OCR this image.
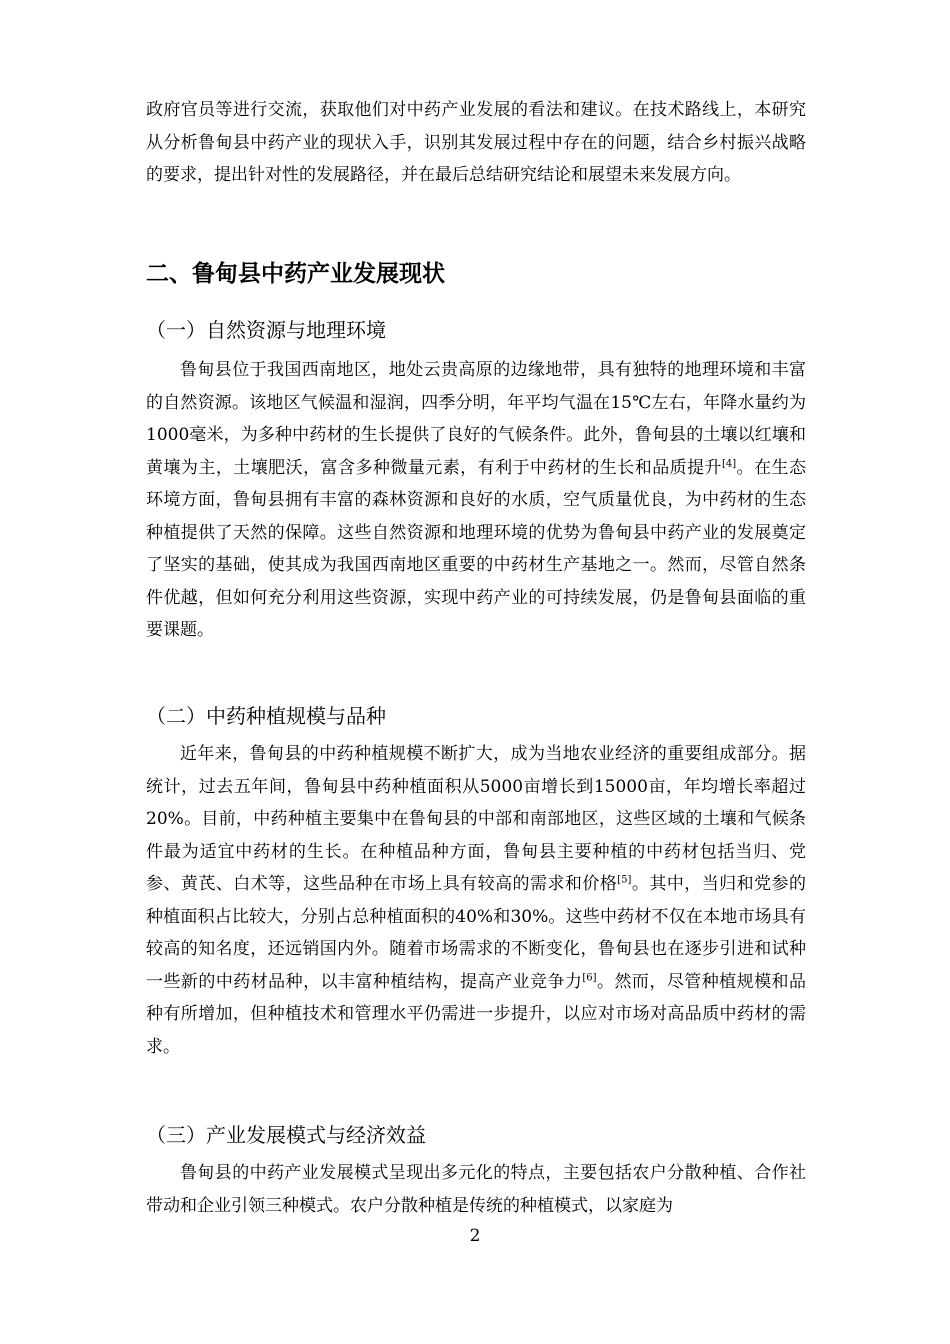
政府官员等进行交流，获取他们对中药产业发展的看法和建议。在技术路线上，本研究从分析鲁甸县中药产业的现状入手，识别其发展过程中存在的问题，结合乡村振兴战略的要求，提出针对性的发展路径，并在最后总结研究结论和展望未来发展方向。

二、鲁甸县中药产业发展现状
（一）自然资源与地理环境

鲁甸县位于我国西南地区，地处云贵高原的边缘地带，具有独特的地理环境和丰富的自然资源。该地区气候温和湿润，四季分明，年平均气温在15℃左右，年降水量约为1000毫米，为多种中药材的生长提供了良好的气候条件。此外，鲁甸县的土壤以红壤和黄壤为主，土壤肥沃，富含多种微量元素，有利于中药材的生长和品质提升[4]。在生态环境方面，鲁甸县拥有丰富的森林资源和良好的水质，空气质量优良，为中药材的生态种植提供了天然的保障。这些自然资源和地理环境的优势为鲁甸县中药产业的发展奠定了坚实的基础，使其成为我国西南地区重要的中药材生产基地之一。然而，尽管自然条件优越，但如何充分利用这些资源，实现中药产业的可持续发展，仍是鲁甸县面临的重要课题。

（二）中药种植规模与品种

近年来，鲁甸县的中药种植规模不断扩大，成为当地农业经济的重要组成部分。据统计，过去五年间，鲁甸县中药种植面积从5000亩增长到15000亩，年均增长率超过20%。目前，中药种植主要集中在鲁甸县的中部和南部地区，这些区域的土壤和气候条件最为适宜中药材的生长。在种植品种方面，鲁甸县主要种植的中药材包括当归、党参、黄芪、白术等，这些品种在市场上具有较高的需求和价格[5]。其中，当归和党参的种植面积占比较大，分别占总种植面积的40%和30%。这些中药材不仅在本地市场具有较高的知名度，还远销国内外。随着市场需求的不断变化，鲁甸县也在逐步引进和试种一些新的中药材品种，以丰富种植结构，提高产业竞争力[6]。然而，尽管种植规模和品种有所增加，但种植技术和管理水平仍需进一步提升，以应对市场对高品质中药材的需求。

（三）产业发展模式与经济效益

鲁甸县的中药产业发展模式呈现出多元化的特点，主要包括农户分散种植、合作社带动和企业引领三种模式。农户分散种植是传统的种植模式，以家庭为

2
